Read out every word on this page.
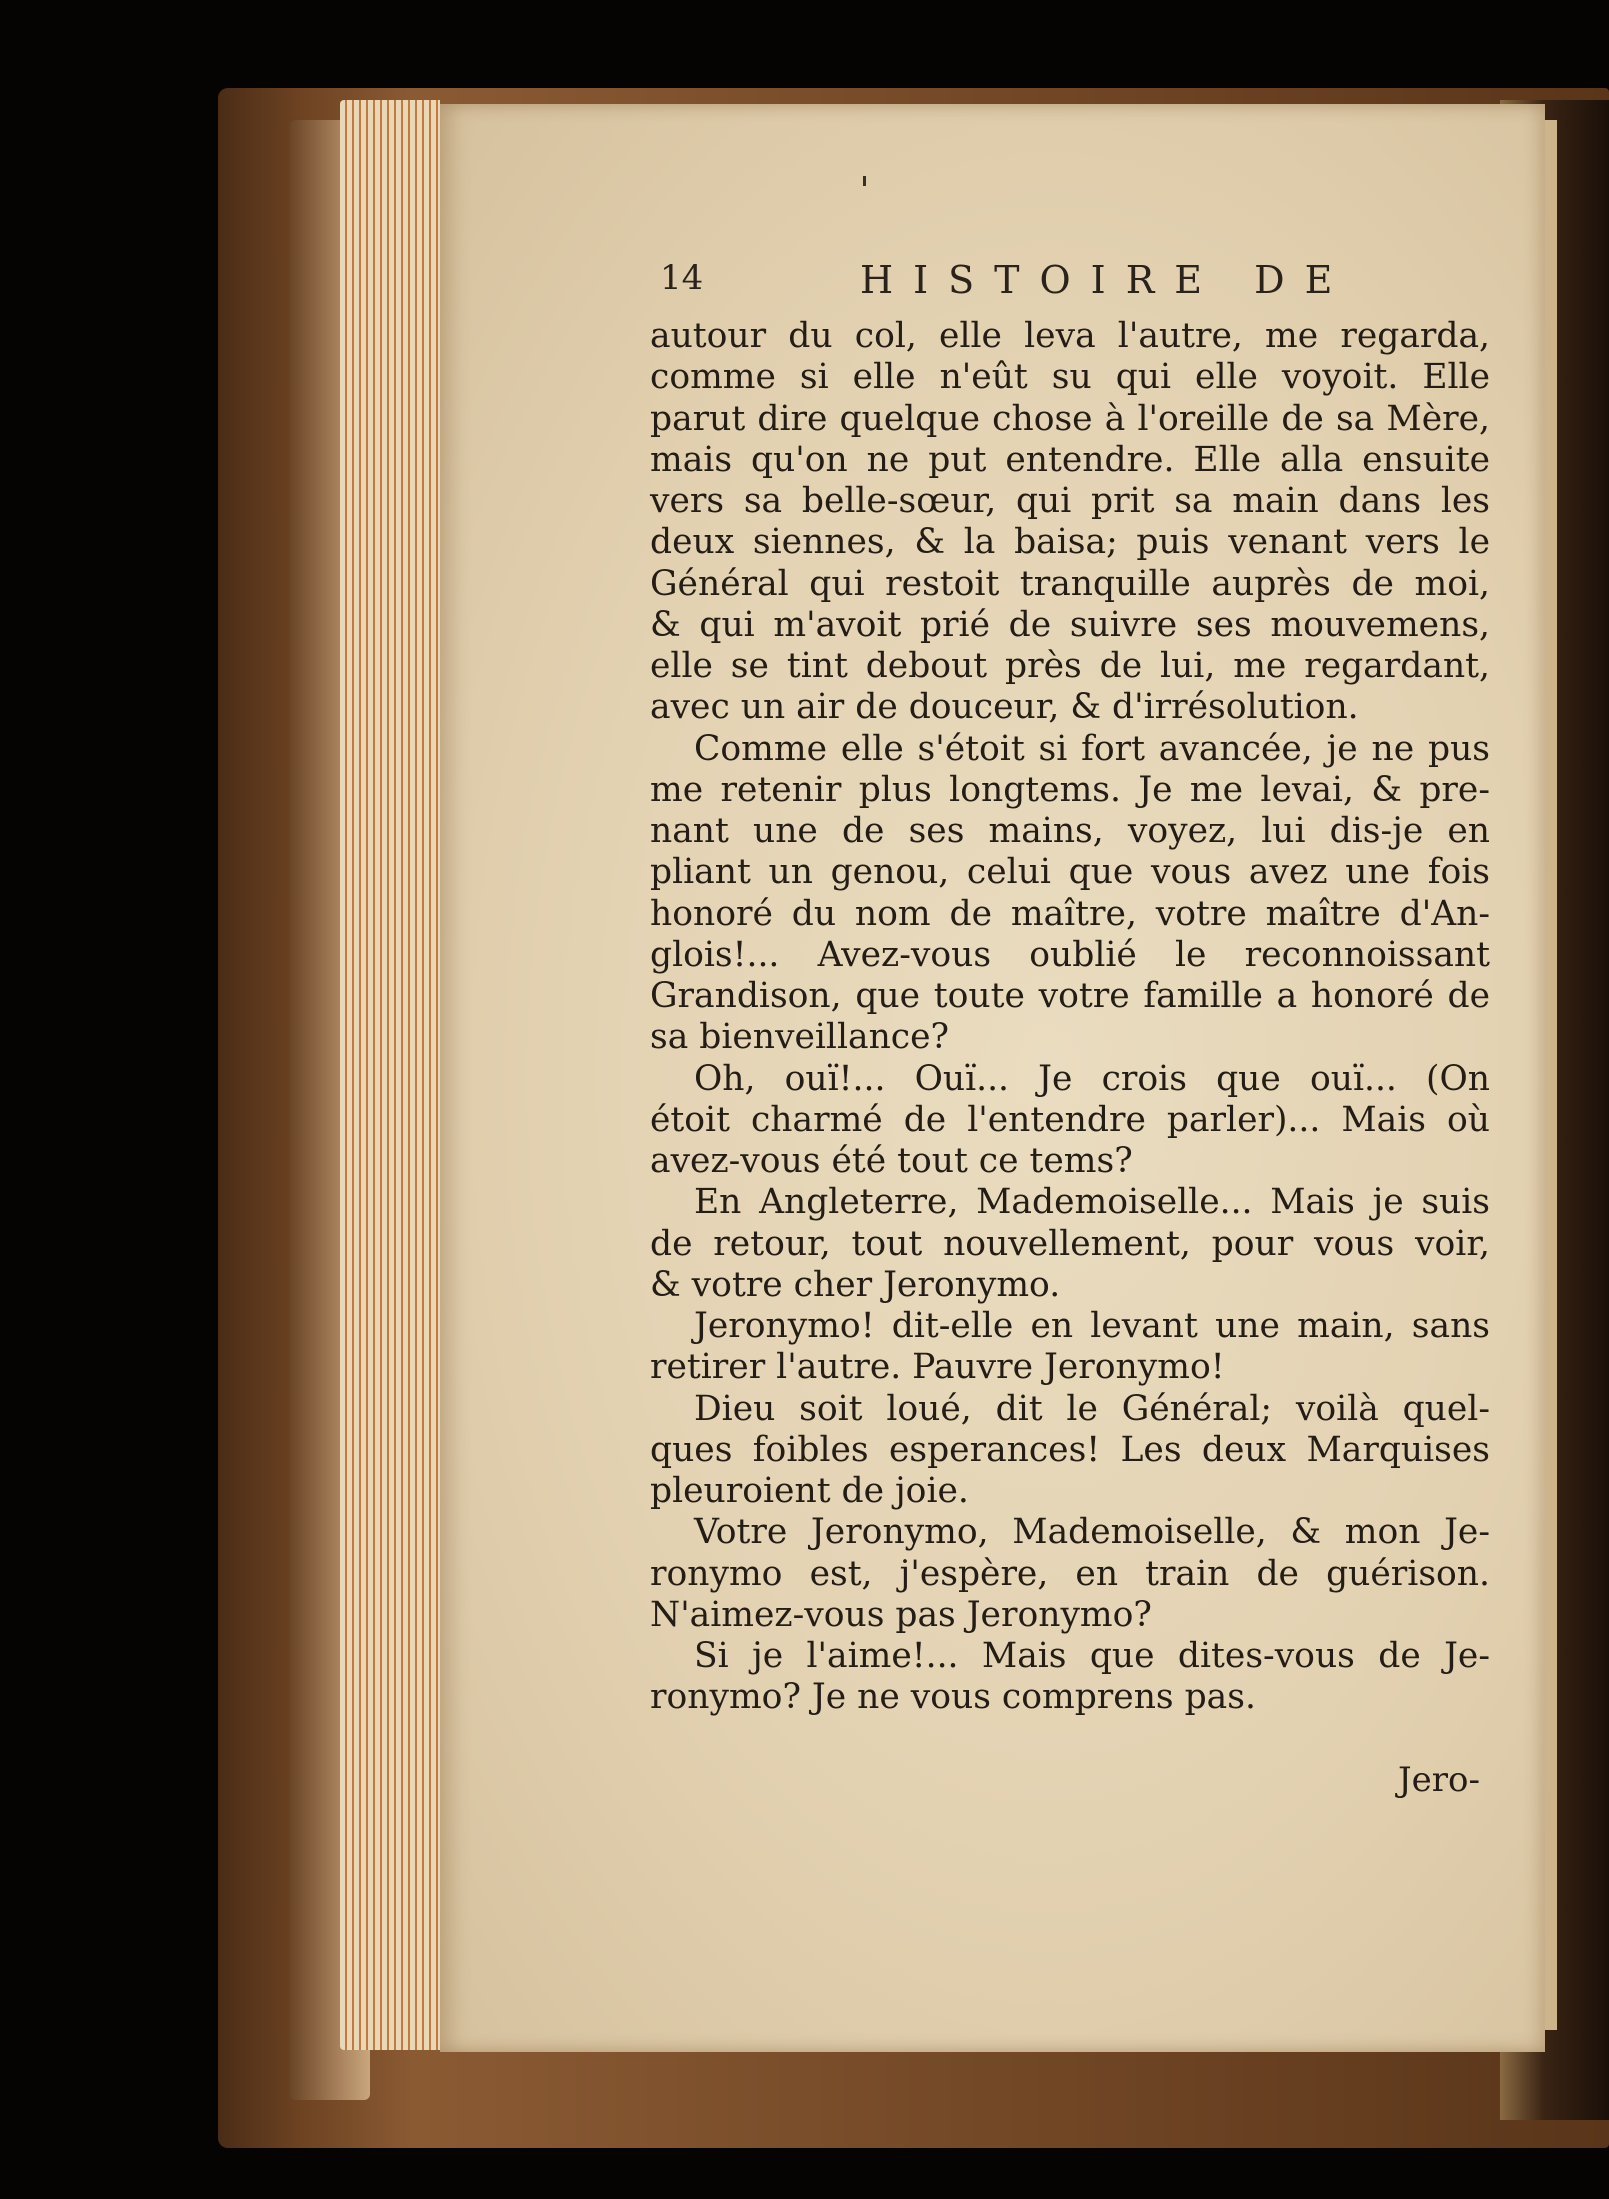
14	HISTOIRE DE
autour du col, elle leva l'autre, me regarda,
comme si elle n'eût su qui elle voyoit. Elle
parut dire quelque chose à l'oreille de sa Mère,
mais qu'on ne put entendre. Elle alla ensuite
vers sa belle-sœur, qui prit sa main dans les
deux siennes, & la baisa; puis venant vers le
Général qui restoit tranquille auprès de moi,
& qui m'avoit prié de suivre ses mouvemens,
elle se tint debout près de lui, me regardant,
avec un air de douceur, & d'irrésolution.
Comme elle s'étoit si fort avancée, je ne pus
me retenir plus longtems. Je me levai, & pre-
nant une de ses mains, voyez, lui dis-je en
pliant un genou, celui que vous avez une fois
honoré du nom de maître, votre maître d'An-
glois!... Avez-vous oublié le reconnoissant
Grandison, que toute votre famille a honoré de
sa bienveillance?
Oh, ouï!... Ouï... Je crois que ouï... (On
étoit charmé de l'entendre parler)... Mais où
avez-vous été tout ce tems?
En Angleterre, Mademoiselle... Mais je suis
de retour, tout nouvellement, pour vous voir,
& votre cher Jeronymo.
Jeronymo! dit-elle en levant une main, sans
retirer l'autre. Pauvre Jeronymo!
Dieu soit loué, dit le Général; voilà quel-
ques foibles esperances! Les deux Marquises
pleuroient de joie.
Votre Jeronymo, Mademoiselle, & mon Je-
ronymo est, j'espère, en train de guérison.
N'aimez-vous pas Jeronymo?
Si je l'aime!... Mais que dites-vous de Je-
ronymo? Je ne vous comprens pas.
Jero-
